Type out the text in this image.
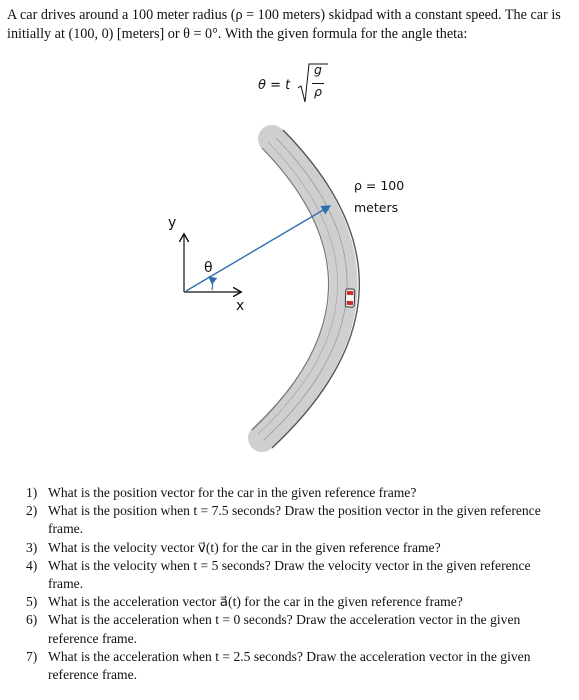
A car drives around a 100 meter radius (ρ = 100 meters) skidpad with a constant speed. The car is initially at (100, 0) [meters] or θ = 0°. With the given formula for the angle theta:

θ = t
g
ρ
y
x
θ
ρ = 100
meters
1) What is the position vector for the car in the given reference frame?
2) What is the position when t = 7.5 seconds? Draw the position vector in the given reference frame.
3) What is the velocity vector v⃗(t) for the car in the given reference frame?
4) What is the velocity when t = 5 seconds? Draw the velocity vector in the given reference frame.
5) What is the acceleration vector a⃗(t) for the car in the given reference frame?
6) What is the acceleration when t = 0 seconds? Draw the acceleration vector in the given reference frame.
7) What is the acceleration when t = 2.5 seconds? Draw the acceleration vector in the given reference frame.
